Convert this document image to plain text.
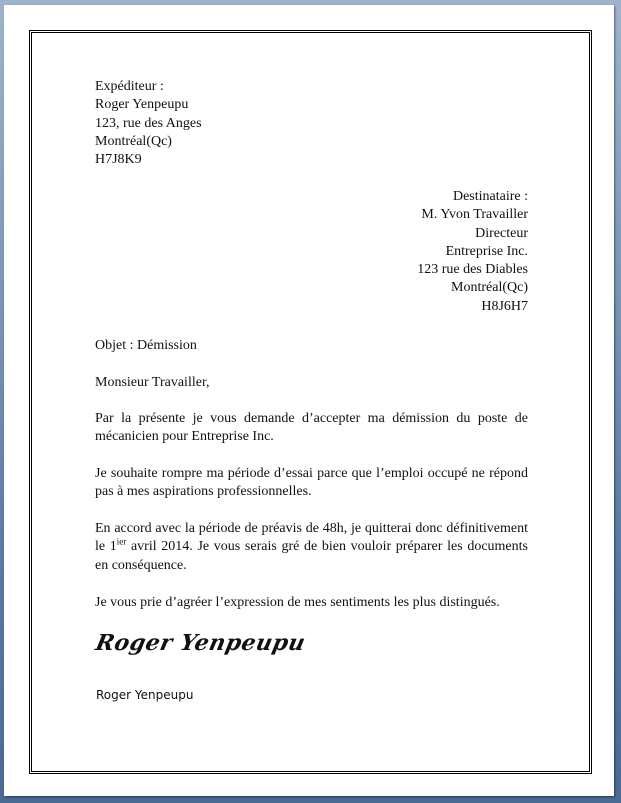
Expéditeur :
Roger Yenpeupu
123, rue des Anges
Montréal(Qc)
H7J8K9
Destinataire :
M. Yvon Travailler
Directeur
Entreprise Inc.
123 rue des Diables
Montréal(Qc)
H8J6H7
Objet : Démission
Monsieur Travailler,
Par la présente je vous demande d’accepter ma démission du poste de mécanicien pour Entreprise Inc.
Je souhaite rompre ma période d’essai parce que l’emploi occupé ne répond pas à mes aspirations professionnelles.
En accord avec la période de préavis de 48h, je quitterai donc définitivement le $1^{ier}$ avril 2014. Je vous serais gré de bien vouloir préparer les documents en conséquence.
Je vous prie d’agréer l’expression de mes sentiments les plus distingués.
Roger Yenpeupu
Roger Yenpeupu
